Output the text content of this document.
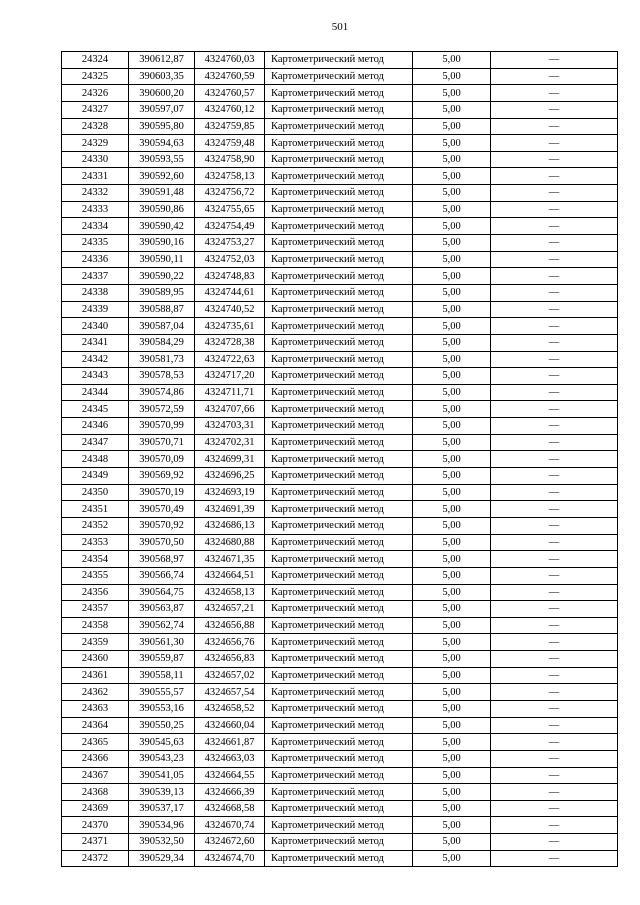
501
24324	390612,87	4324760,03	Картометрический метод	5,00	—
24325	390603,35	4324760,59	Картометрический метод	5,00	—
24326	390600,20	4324760,57	Картометрический метод	5,00	—
24327	390597,07	4324760,12	Картометрический метод	5,00	—
24328	390595,80	4324759,85	Картометрический метод	5,00	—
24329	390594,63	4324759,48	Картометрический метод	5,00	—
24330	390593,55	4324758,90	Картометрический метод	5,00	—
24331	390592,60	4324758,13	Картометрический метод	5,00	—
24332	390591,48	4324756,72	Картометрический метод	5,00	—
24333	390590,86	4324755,65	Картометрический метод	5,00	—
24334	390590,42	4324754,49	Картометрический метод	5,00	—
24335	390590,16	4324753,27	Картометрический метод	5,00	—
24336	390590,11	4324752,03	Картометрический метод	5,00	—
24337	390590,22	4324748,83	Картометрический метод	5,00	—
24338	390589,95	4324744,61	Картометрический метод	5,00	—
24339	390588,87	4324740,52	Картометрический метод	5,00	—
24340	390587,04	4324735,61	Картометрический метод	5,00	—
24341	390584,29	4324728,38	Картометрический метод	5,00	—
24342	390581,73	4324722,63	Картометрический метод	5,00	—
24343	390578,53	4324717,20	Картометрический метод	5,00	—
24344	390574,86	4324711,71	Картометрический метод	5,00	—
24345	390572,59	4324707,66	Картометрический метод	5,00	—
24346	390570,99	4324703,31	Картометрический метод	5,00	—
24347	390570,71	4324702,31	Картометрический метод	5,00	—
24348	390570,09	4324699,31	Картометрический метод	5,00	—
24349	390569,92	4324696,25	Картометрический метод	5,00	—
24350	390570,19	4324693,19	Картометрический метод	5,00	—
24351	390570,49	4324691,39	Картометрический метод	5,00	—
24352	390570,92	4324686,13	Картометрический метод	5,00	—
24353	390570,50	4324680,88	Картометрический метод	5,00	—
24354	390568,97	4324671,35	Картометрический метод	5,00	—
24355	390566,74	4324664,51	Картометрический метод	5,00	—
24356	390564,75	4324658,13	Картометрический метод	5,00	—
24357	390563,87	4324657,21	Картометрический метод	5,00	—
24358	390562,74	4324656,88	Картометрический метод	5,00	—
24359	390561,30	4324656,76	Картометрический метод	5,00	—
24360	390559,87	4324656,83	Картометрический метод	5,00	—
24361	390558,11	4324657,02	Картометрический метод	5,00	—
24362	390555,57	4324657,54	Картометрический метод	5,00	—
24363	390553,16	4324658,52	Картометрический метод	5,00	—
24364	390550,25	4324660,04	Картометрический метод	5,00	—
24365	390545,63	4324661,87	Картометрический метод	5,00	—
24366	390543,23	4324663,03	Картометрический метод	5,00	—
24367	390541,05	4324664,55	Картометрический метод	5,00	—
24368	390539,13	4324666,39	Картометрический метод	5,00	—
24369	390537,17	4324668,58	Картометрический метод	5,00	—
24370	390534,96	4324670,74	Картометрический метод	5,00	—
24371	390532,50	4324672,60	Картометрический метод	5,00	—
24372	390529,34	4324674,70	Картометрический метод	5,00	—
